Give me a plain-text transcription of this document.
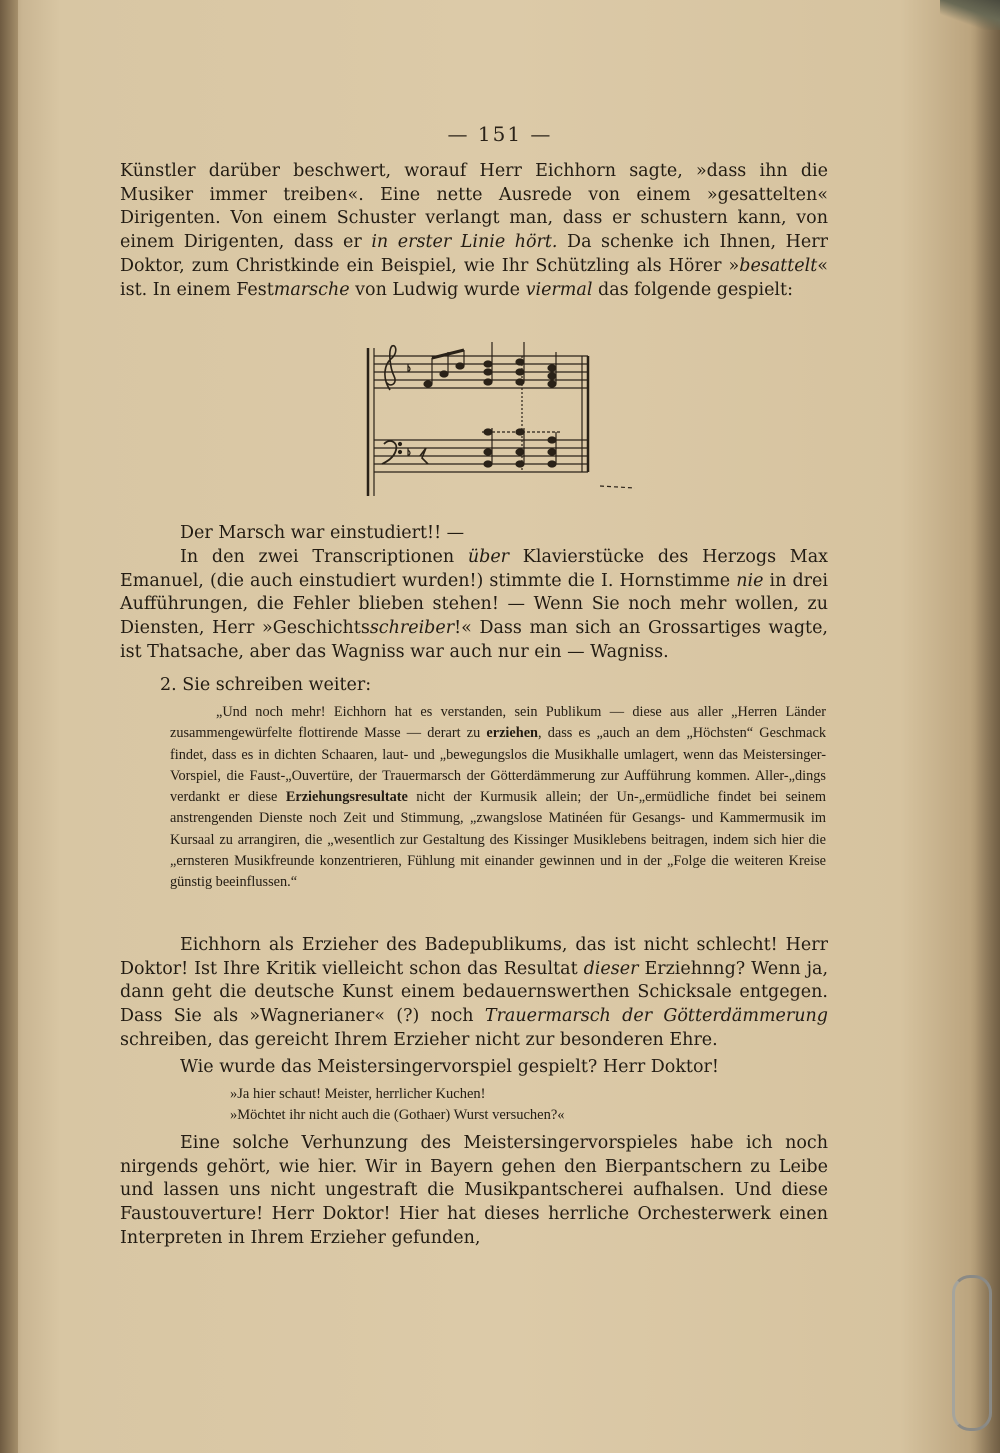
— 151 —

Künstler darüber beschwert, worauf Herr Eichhorn sagte, »dass ihn die Musiker immer treiben«. Eine nette Ausrede von einem »gesattelten« Dirigenten. Von einem Schuster verlangt man, dass er schustern kann, von einem Dirigenten, dass er in erster Linie hört. Da schenke ich Ihnen, Herr Doktor, zum Christkinde ein Beispiel, wie Ihr Schützling als Hörer »besattelt« ist. In einem Festmarsche von Ludwig wurde viermal das folgende gespielt:

Der Marsch war einstudiert!! —

In den zwei Transcriptionen über Klavierstücke des Herzogs Max Emanuel, (die auch einstudiert wurden!) stimmte die I. Hornstimme nie in drei Aufführungen, die Fehler blieben stehen! — Wenn Sie noch mehr wollen, zu Diensten, Herr »Geschichtsschreiber!« Dass man sich an Grossartiges wagte, ist Thatsache, aber das Wagniss war auch nur ein — Wagniss.

2. Sie schreiben weiter:

„Und noch mehr! Eichhorn hat es verstanden, sein Publikum — diese aus aller „Herren Länder zusammengewürfelte flottirende Masse — derart zu erziehen, dass es „auch an dem „Höchsten“ Geschmack findet, dass es in dichten Schaaren, laut- und „bewegungslos die Musikhalle umlagert, wenn das Meistersinger-Vorspiel, die Faust-„Ouvertüre, der Trauermarsch der Götterdämmerung zur Aufführung kommen. Aller-„dings verdankt er diese Erziehungsresultate nicht der Kurmusik allein; der Un-„ermüdliche findet bei seinem anstrengenden Dienste noch Zeit und Stimmung, „zwangslose Matinéen für Gesangs- und Kammermusik im Kursaal zu arrangiren, die „wesentlich zur Gestaltung des Kissinger Musiklebens beitragen, indem sich hier die „ernsteren Musikfreunde konzentrieren, Fühlung mit einander gewinnen und in der „Folge die weiteren Kreise günstig beeinflussen.“

Eichhorn als Erzieher des Badepublikums, das ist nicht schlecht! Herr Doktor! Ist Ihre Kritik vielleicht schon das Resultat dieser Erziehnng? Wenn ja, dann geht die deutsche Kunst einem bedauernswerthen Schicksale entgegen. Dass Sie als »Wagnerianer« (?) noch Trauermarsch der Götterdämmerung schreiben, das gereicht Ihrem Erzieher nicht zur besonderen Ehre.

Wie wurde das Meistersingervorspiel gespielt? Herr Doktor!

»Ja hier schaut! Meister, herrlicher Kuchen!
»Möchtet ihr nicht auch die (Gothaer) Wurst versuchen?«

Eine solche Verhunzung des Meistersingervorspieles habe ich noch nirgends gehört, wie hier. Wir in Bayern gehen den Bierpantschern zu Leibe und lassen uns nicht ungestraft die Musikpantscherei aufhalsen. Und diese Faustouverture! Herr Doktor! Hier hat dieses herrliche Orchesterwerk einen Interpreten in Ihrem Erzieher gefunden,
